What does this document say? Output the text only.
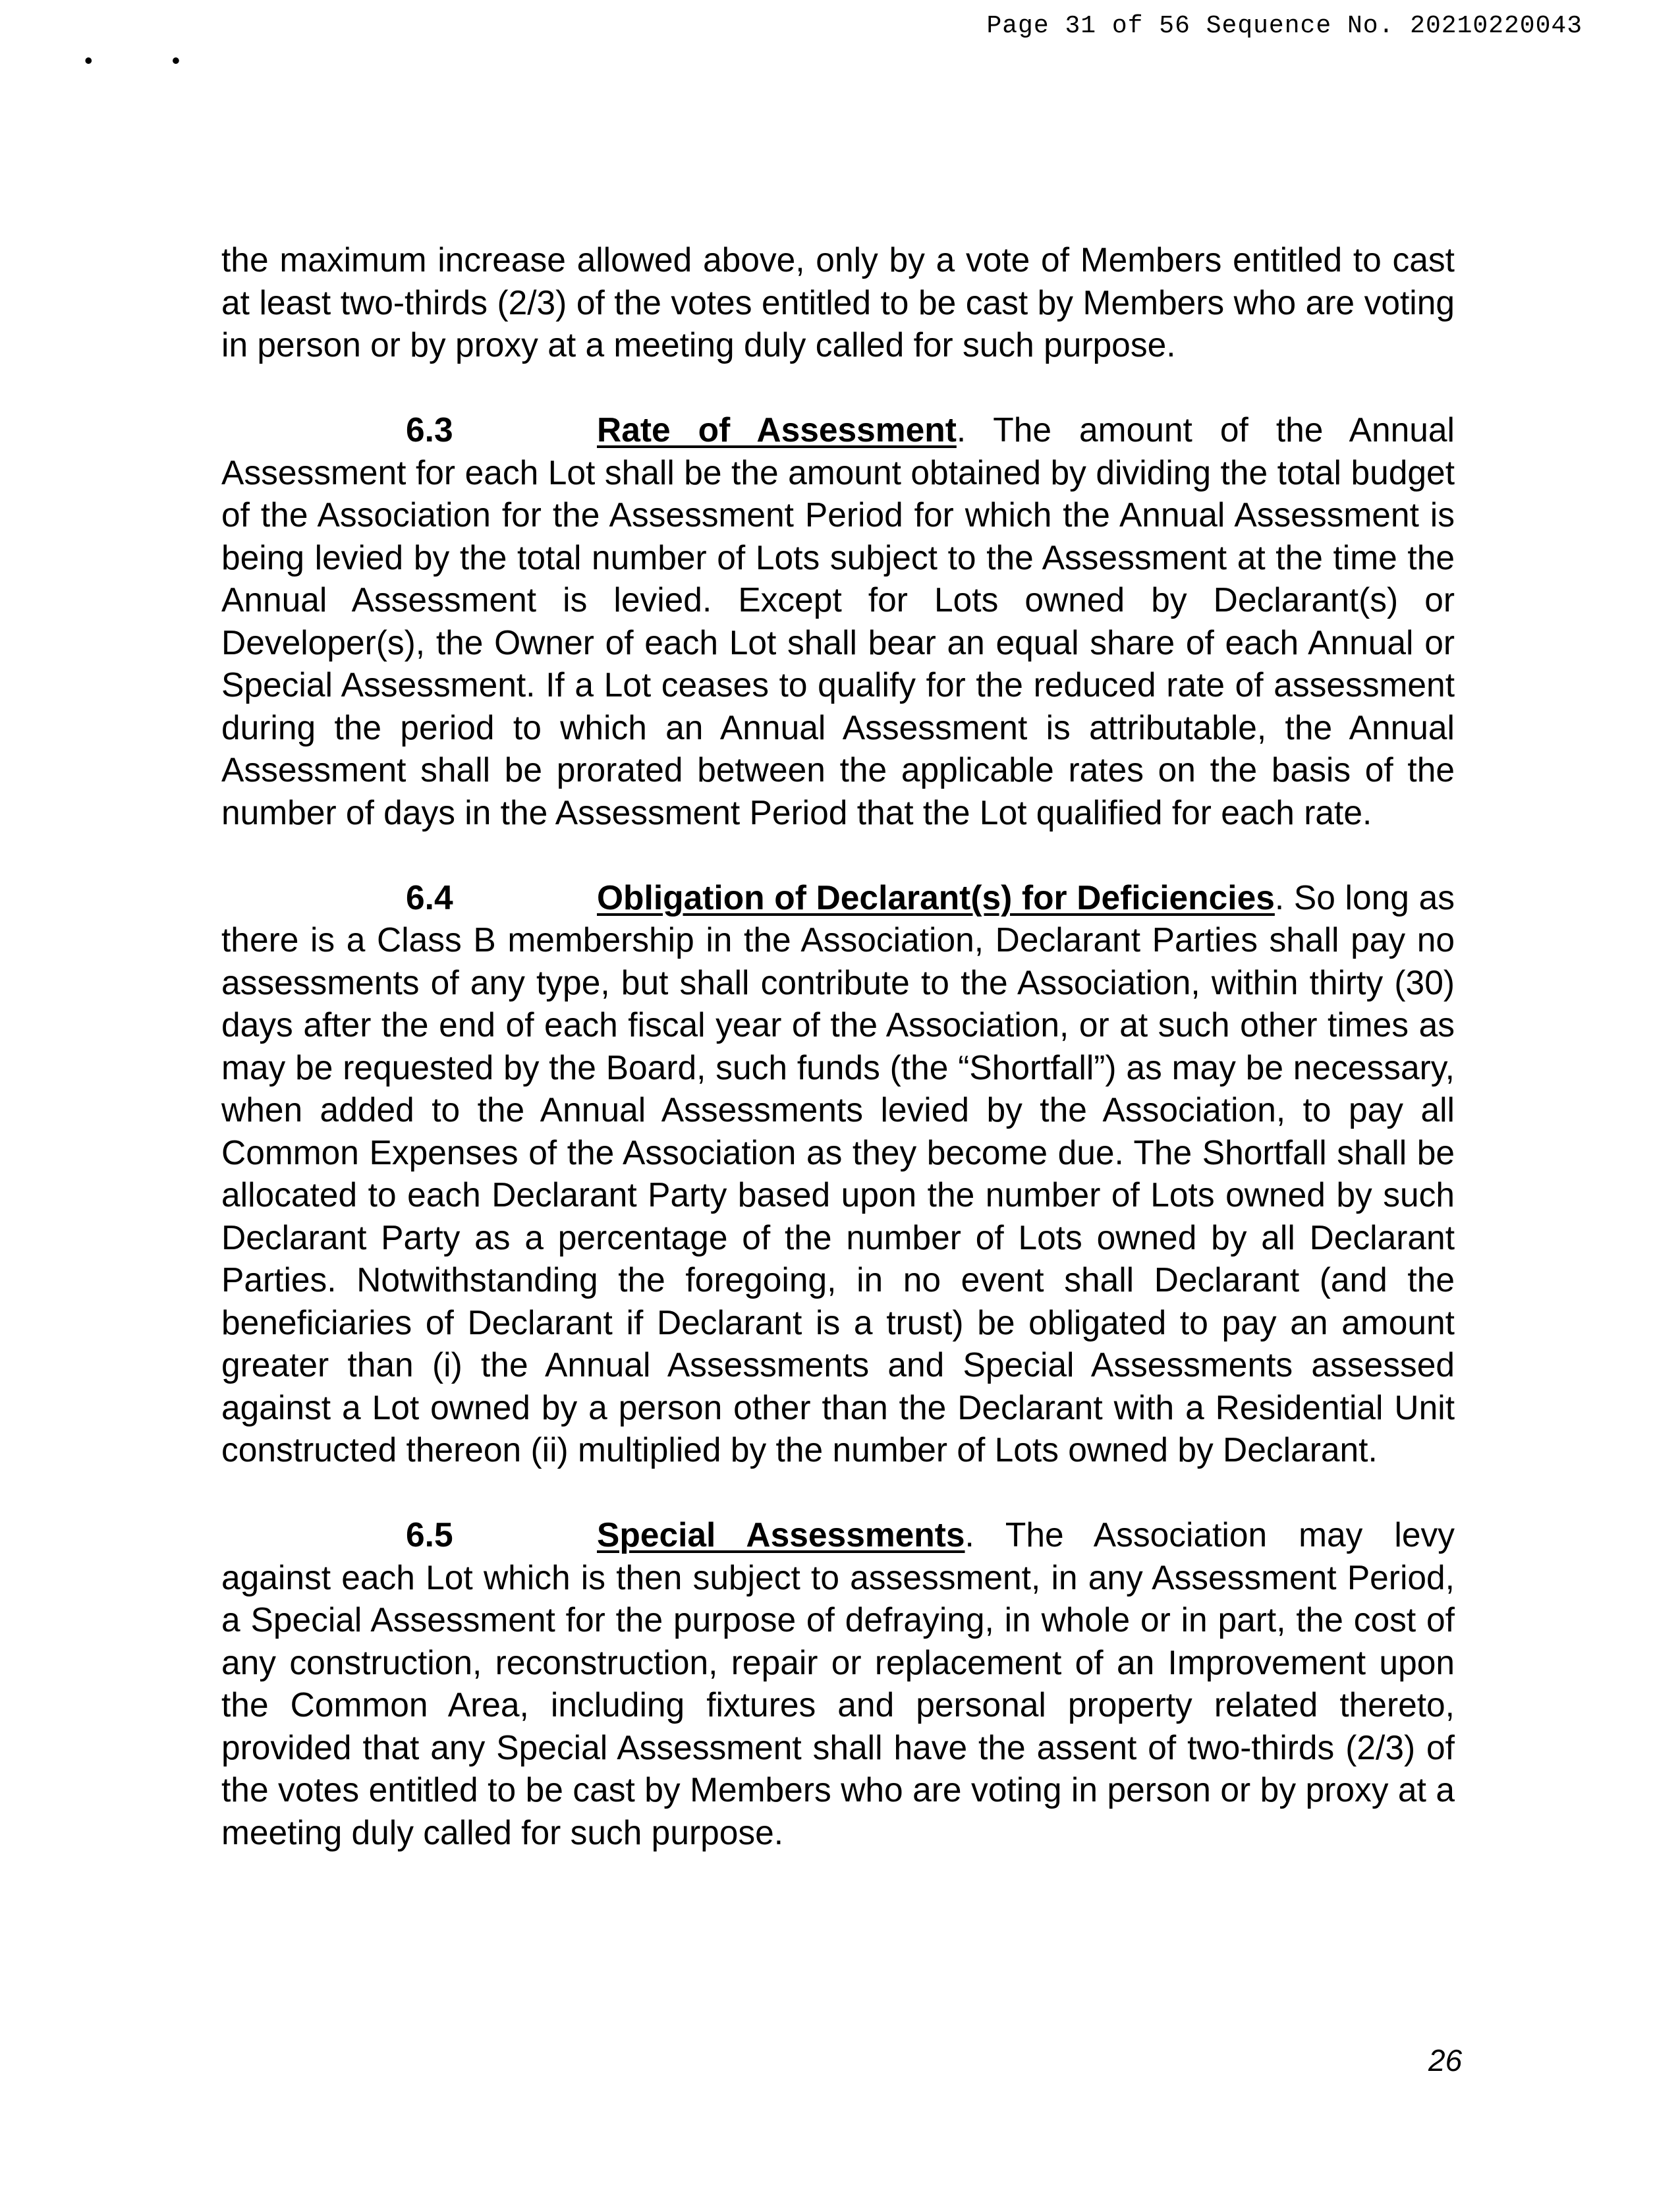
Page 31 of 56 Sequence No. 20210220043
•	•

the maximum increase allowed above, only by a vote of Members entitled to cast at least two-thirds (2/3) of the votes entitled to be cast by Members who are voting in person or by proxy at a meeting duly called for such purpose.

6.3	Rate of Assessment. The amount of the Annual Assessment for each Lot shall be the amount obtained by dividing the total budget of the Association for the Assessment Period for which the Annual Assessment is being levied by the total number of Lots subject to the Assessment at the time the Annual Assessment is levied. Except for Lots owned by Declarant(s) or Developer(s), the Owner of each Lot shall bear an equal share of each Annual or Special Assessment. If a Lot ceases to qualify for the reduced rate of assessment during the period to which an Annual Assessment is attributable, the Annual Assessment shall be prorated between the applicable rates on the basis of the number of days in the Assessment Period that the Lot qualified for each rate.

6.4	Obligation of Declarant(s) for Deficiencies. So long as there is a Class B membership in the Association, Declarant Parties shall pay no assessments of any type, but shall contribute to the Association, within thirty (30) days after the end of each fiscal year of the Association, or at such other times as may be requested by the Board, such funds (the “Shortfall”) as may be necessary, when added to the Annual Assessments levied by the Association, to pay all Common Expenses of the Association as they become due. The Shortfall shall be allocated to each Declarant Party based upon the number of Lots owned by such Declarant Party as a percentage of the number of Lots owned by all Declarant Parties. Notwithstanding the foregoing, in no event shall Declarant (and the beneficiaries of Declarant if Declarant is a trust) be obligated to pay an amount greater than (i) the Annual Assessments and Special Assessments assessed against a Lot owned by a person other than the Declarant with a Residential Unit constructed thereon (ii) multiplied by the number of Lots owned by Declarant.

6.5	Special Assessments. The Association may levy against each Lot which is then subject to assessment, in any Assessment Period, a Special Assessment for the purpose of defraying, in whole or in part, the cost of any construction, reconstruction, repair or replacement of an Improvement upon the Common Area, including fixtures and personal property related thereto, provided that any Special Assessment shall have the assent of two-thirds (2/3) of the votes entitled to be cast by Members who are voting in person or by proxy at a meeting duly called for such purpose.

26
